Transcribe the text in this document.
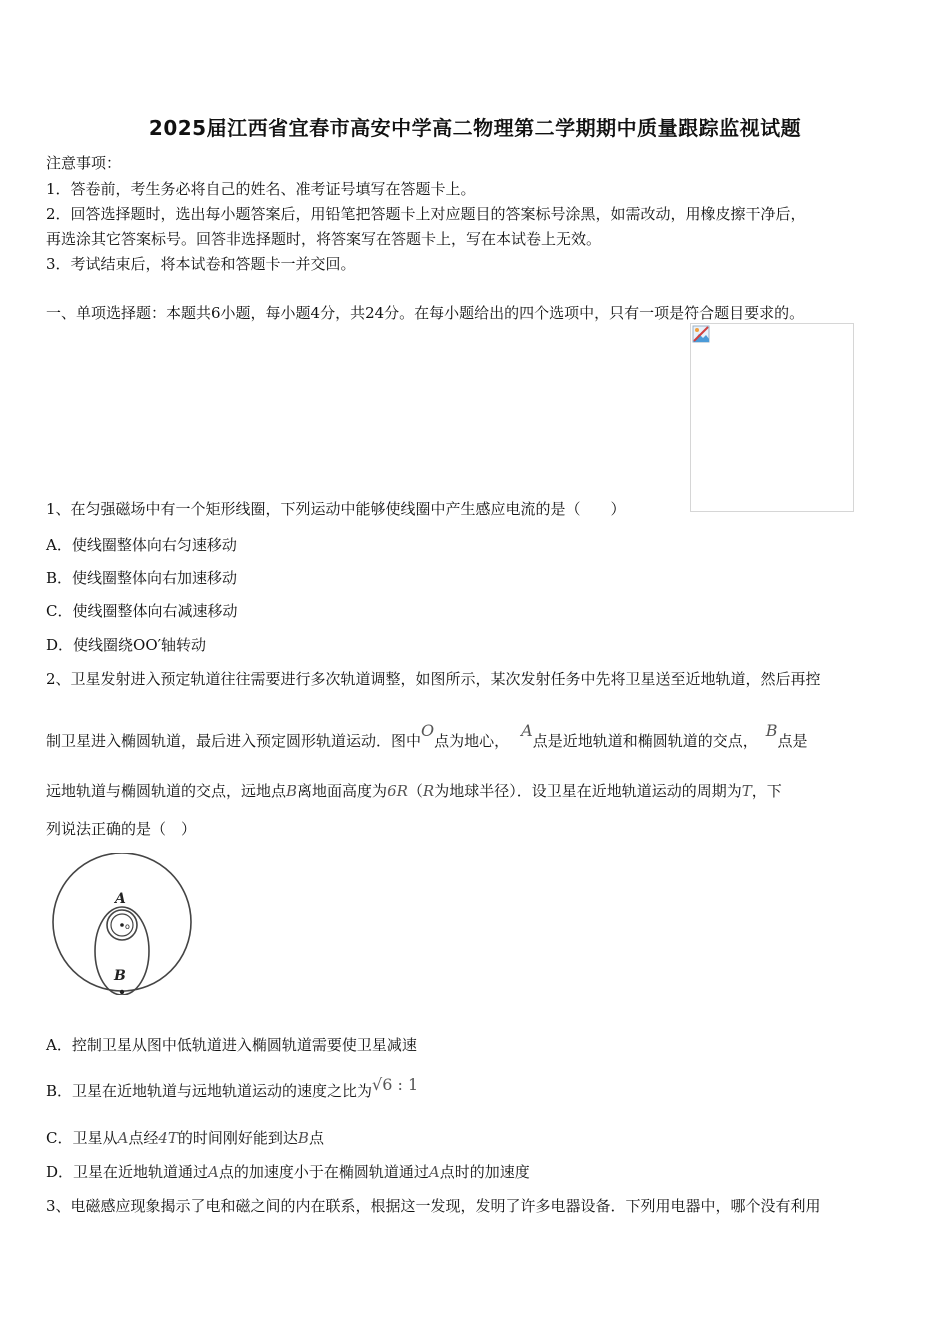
2025届江西省宜春市高安中学高二物理第二学期期中质量跟踪监视试题
注意事项：
1．答卷前，考生务必将自己的姓名、准考证号填写在答题卡上。
2．回答选择题时，选出每小题答案后，用铅笔把答题卡上对应题目的答案标号涂黑，如需改动，用橡皮擦干净后，
再选涂其它答案标号。回答非选择题时，将答案写在答题卡上，写在本试卷上无效。
3．考试结束后，将本试卷和答题卡一并交回。
一、单项选择题：本题共6小题，每小题4分，共24分。在每小题给出的四个选项中，只有一项是符合题目要求的。
1、在匀强磁场中有一个矩形线圈，下列运动中能够使线圈中产生感应电流的是（　　）
A．使线圈整体向右匀速移动
B．使线圈整体向右加速移动
C．使线圈整体向右减速移动
D．使线圈绕OO′轴转动
2、卫星发射进入预定轨道往往需要进行多次轨道调整，如图所示，某次发射任务中先将卫星送至近地轨道，然后再控
制卫星进入椭圆轨道，最后进入预定圆形轨道运动．图中O点为地心，A点是近地轨道和椭圆轨道的交点，B点是
远地轨道与椭圆轨道的交点，远地点B离地面高度为6R（R为地球半径）．设卫星在近地轨道运动的周期为T，下
列说法正确的是（　）
A
o
B
A．控制卫星从图中低轨道进入椭圆轨道需要使卫星减速
B．卫星在近地轨道与远地轨道运动的速度之比为√6 : 1
C．卫星从A点经4T的时间刚好能到达B点
D．卫星在近地轨道通过A点的加速度小于在椭圆轨道通过A点时的加速度
3、电磁感应现象揭示了电和磁之间的内在联系，根据这一发现，发明了许多电器设备．下列用电器中，哪个没有利用
